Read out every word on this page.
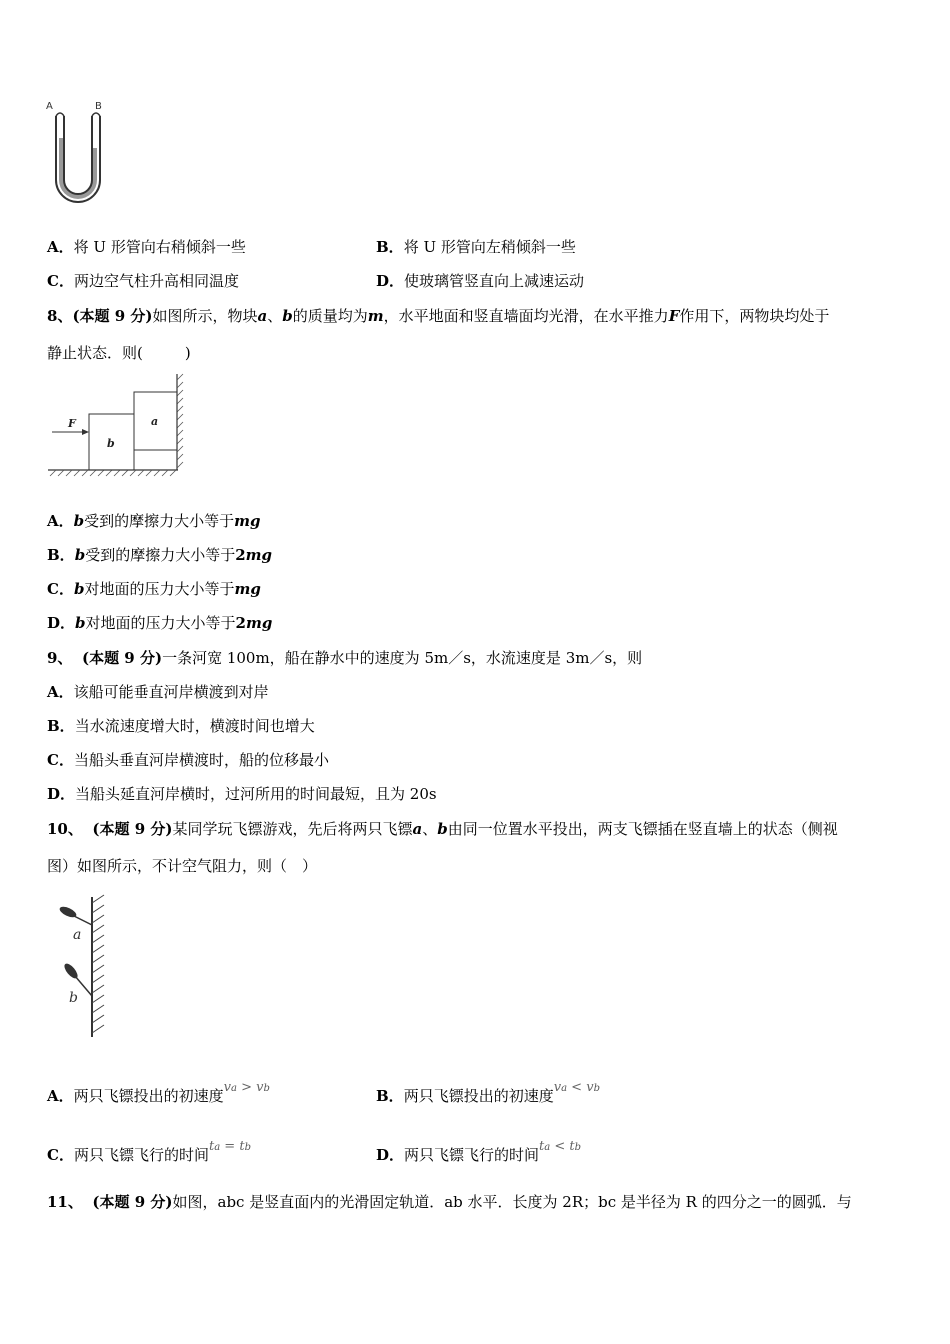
A	B
A．将 U 形管向右稍倾斜一些	B．将 U 形管向左稍倾斜一些
C．两边空气柱升高相同温度	D．使玻璃管竖直向上减速运动
8、(本题 9 分)如图所示，物块a、b的质量均为m，水平地面和竖直墙面均光滑，在水平推力F作用下，两物块均处于
静止状态．则(	)
F
b
a
A．b受到的摩擦力大小等于mg
B．b受到的摩擦力大小等于2mg
C．b对地面的压力大小等于mg
D．b对地面的压力大小等于2mg
9、 (本题 9 分)一条河宽 100m，船在静水中的速度为 5m／s，水流速度是 3m／s，则
A．该船可能垂直河岸横渡到对岸
B．当水流速度增大时，横渡时间也增大
C．当船头垂直河岸横渡时，船的位移最小
D．当船头延直河岸横时，过河所用的时间最短，且为 20s
10、 (本题 9 分)某同学玩飞镖游戏，先后将两只飞镖a、b由同一位置水平投出，两支飞镖插在竖直墙上的状态（侧视
图）如图所示，不计空气阻力，则（　）
a
b
A．两只飞镖投出的初速度va > vb	B．两只飞镖投出的初速度va < vb
C．两只飞镖飞行的时间ta = tb	D．两只飞镖飞行的时间ta < tb
11、 (本题 9 分)如图，abc 是竖直面内的光滑固定轨道．ab 水平．长度为 2R；bc 是半径为 R 的四分之一的圆弧．与
